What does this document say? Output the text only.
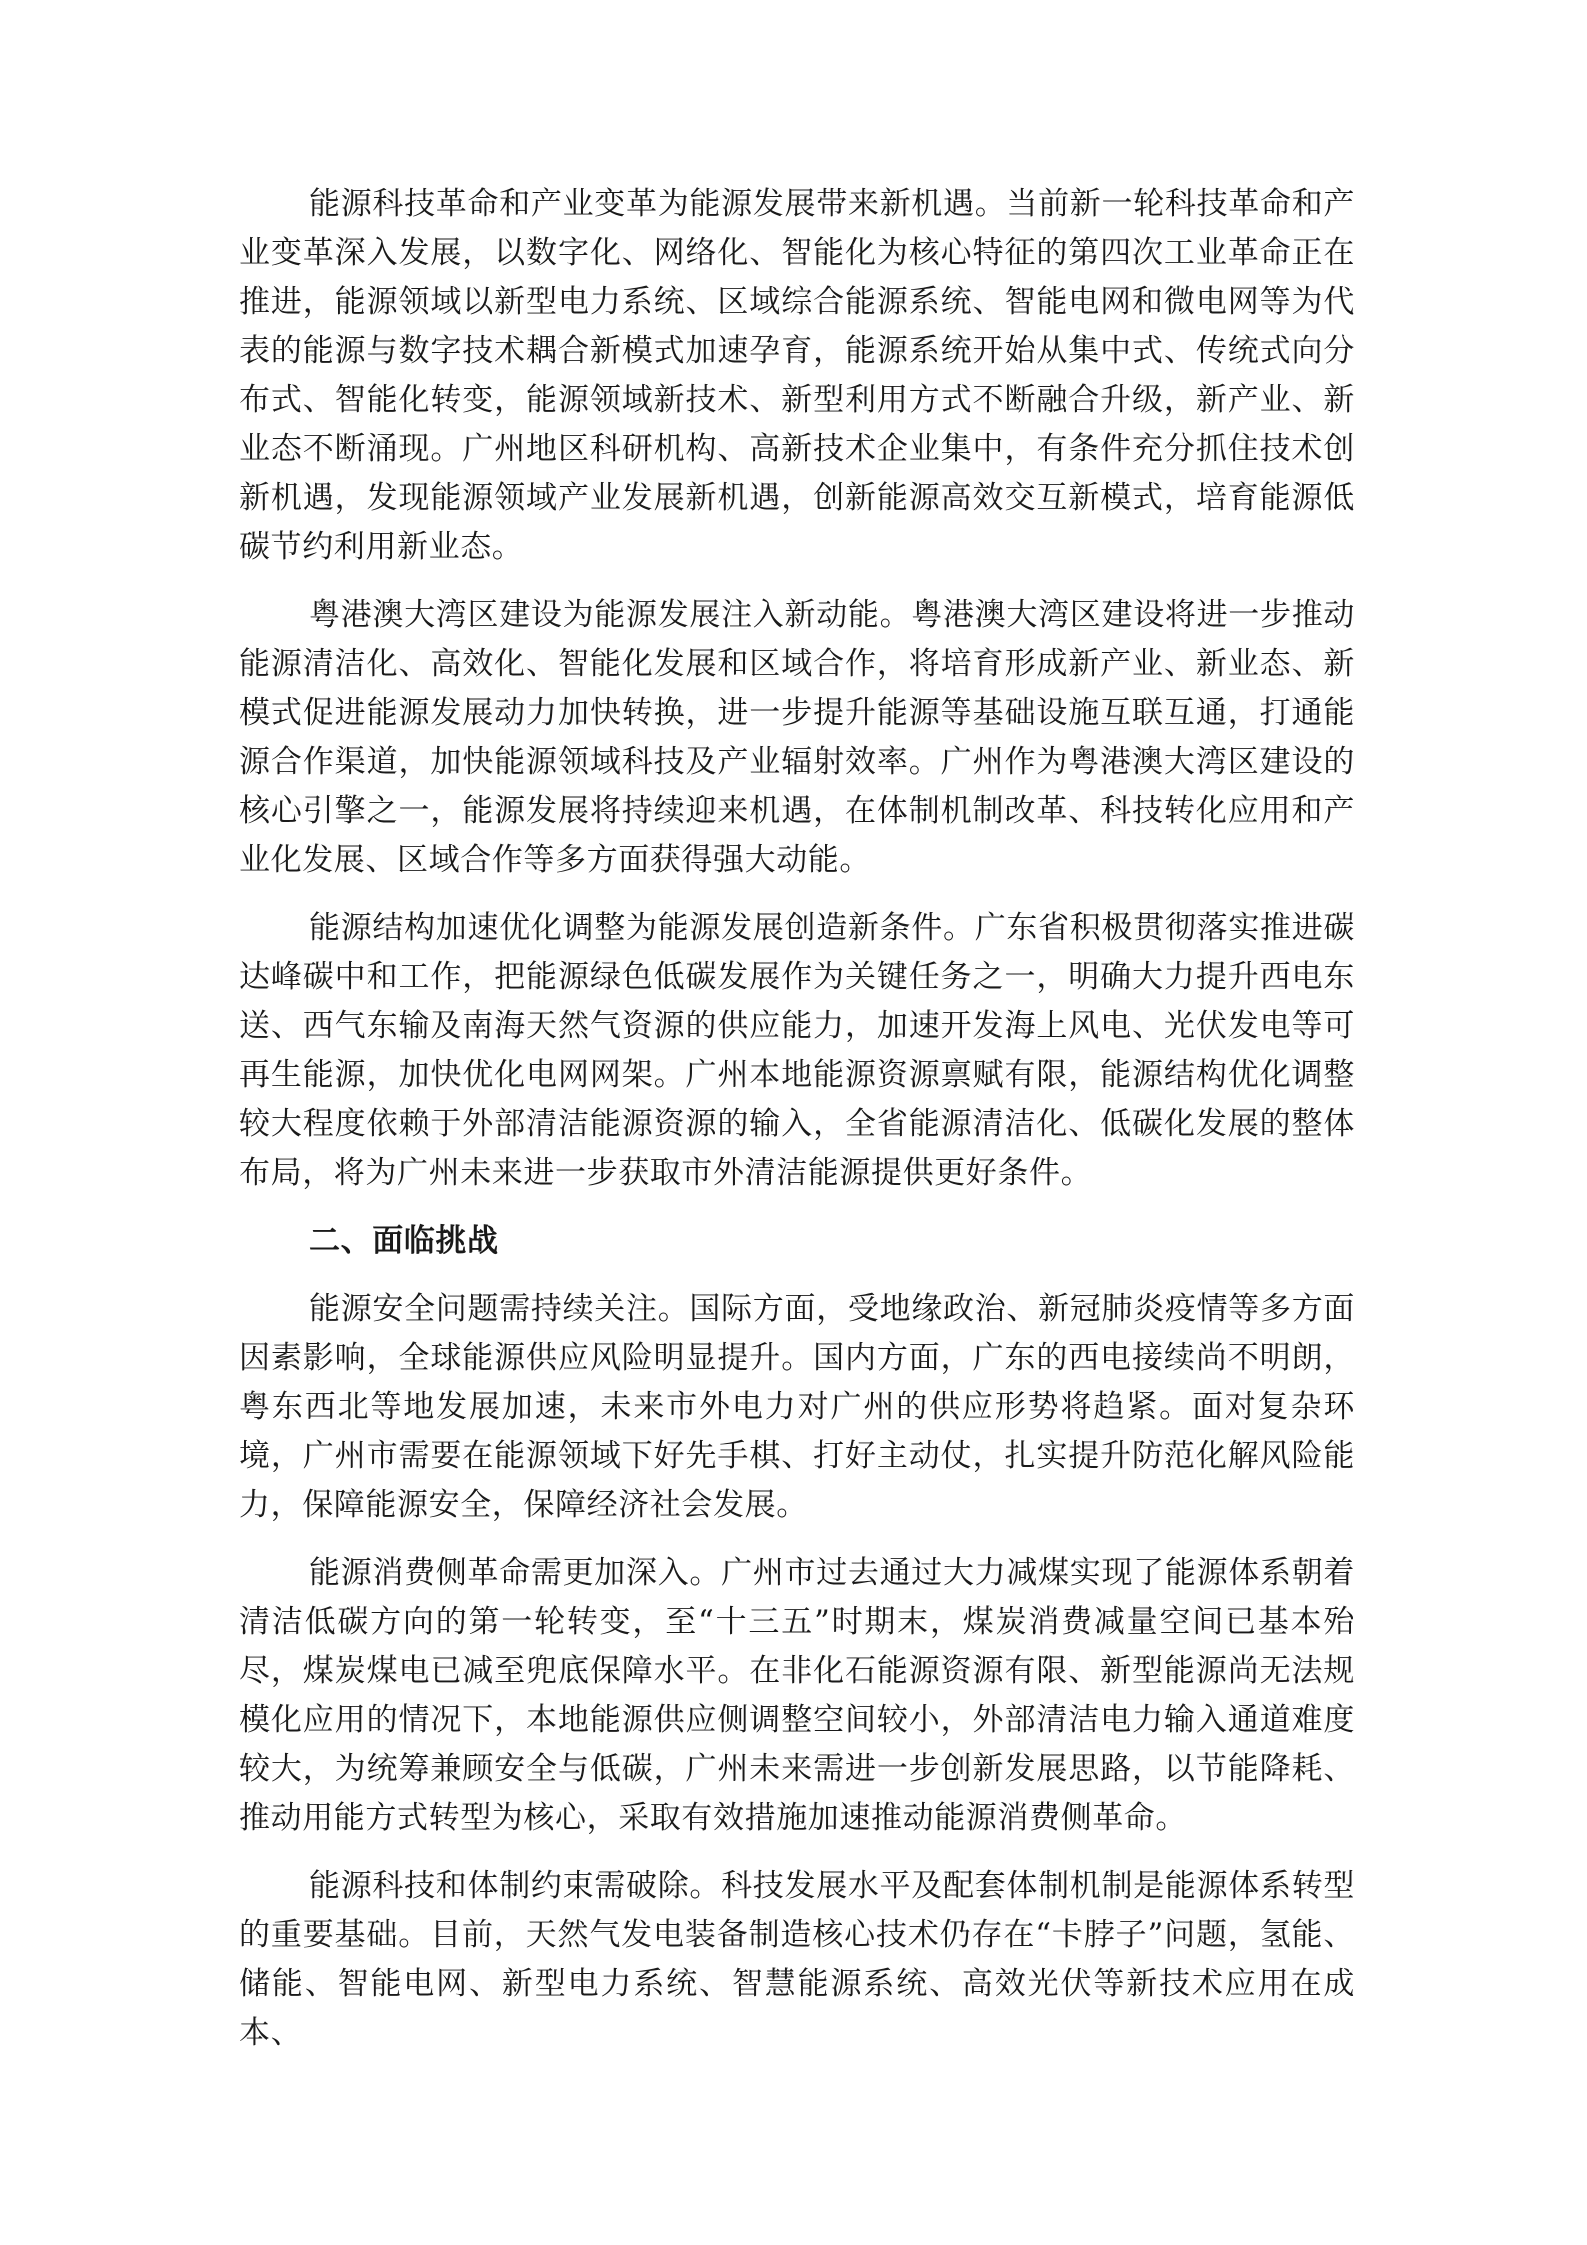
能源科技革命和产业变革为能源发展带来新机遇。当前新一轮科技革命和产业变革深入发展，以数字化、网络化、智能化为核心特征的第四次工业革命正在推进，能源领域以新型电力系统、区域综合能源系统、智能电网和微电网等为代表的能源与数字技术耦合新模式加速孕育，能源系统开始从集中式、传统式向分布式、智能化转变，能源领域新技术、新型利用方式不断融合升级，新产业、新业态不断涌现。广州地区科研机构、高新技术企业集中，有条件充分抓住技术创新机遇，发现能源领域产业发展新机遇，创新能源高效交互新模式，培育能源低碳节约利用新业态。

粤港澳大湾区建设为能源发展注入新动能。粤港澳大湾区建设将进一步推动能源清洁化、高效化、智能化发展和区域合作，将培育形成新产业、新业态、新模式促进能源发展动力加快转换，进一步提升能源等基础设施互联互通，打通能源合作渠道，加快能源领域科技及产业辐射效率。广州作为粤港澳大湾区建设的核心引擎之一，能源发展将持续迎来机遇，在体制机制改革、科技转化应用和产业化发展、区域合作等多方面获得强大动能。

能源结构加速优化调整为能源发展创造新条件。广东省积极贯彻落实推进碳达峰碳中和工作，把能源绿色低碳发展作为关键任务之一，明确大力提升西电东送、西气东输及南海天然气资源的供应能力，加速开发海上风电、光伏发电等可再生能源，加快优化电网网架。广州本地能源资源禀赋有限，能源结构优化调整较大程度依赖于外部清洁能源资源的输入，全省能源清洁化、低碳化发展的整体布局，将为广州未来进一步获取市外清洁能源提供更好条件。

二、面临挑战

能源安全问题需持续关注。国际方面，受地缘政治、新冠肺炎疫情等多方面因素影响，全球能源供应风险明显提升。国内方面，广东的西电接续尚不明朗，粤东西北等地发展加速，未来市外电力对广州的供应形势将趋紧。面对复杂环境，广州市需要在能源领域下好先手棋、打好主动仗，扎实提升防范化解风险能力，保障能源安全，保障经济社会发展。

能源消费侧革命需更加深入。广州市过去通过大力减煤实现了能源体系朝着清洁低碳方向的第一轮转变，至“十三五”时期末，煤炭消费减量空间已基本殆尽，煤炭煤电已减至兜底保障水平。在非化石能源资源有限、新型能源尚无法规模化应用的情况下，本地能源供应侧调整空间较小，外部清洁电力输入通道难度较大，为统筹兼顾安全与低碳，广州未来需进一步创新发展思路，以节能降耗、推动用能方式转型为核心，采取有效措施加速推动能源消费侧革命。

能源科技和体制约束需破除。科技发展水平及配套体制机制是能源体系转型的重要基础。目前，天然气发电装备制造核心技术仍存在“卡脖子”问题，氢能、储能、智能电网、新型电力系统、智慧能源系统、高效光伏等新技术应用在成本、
